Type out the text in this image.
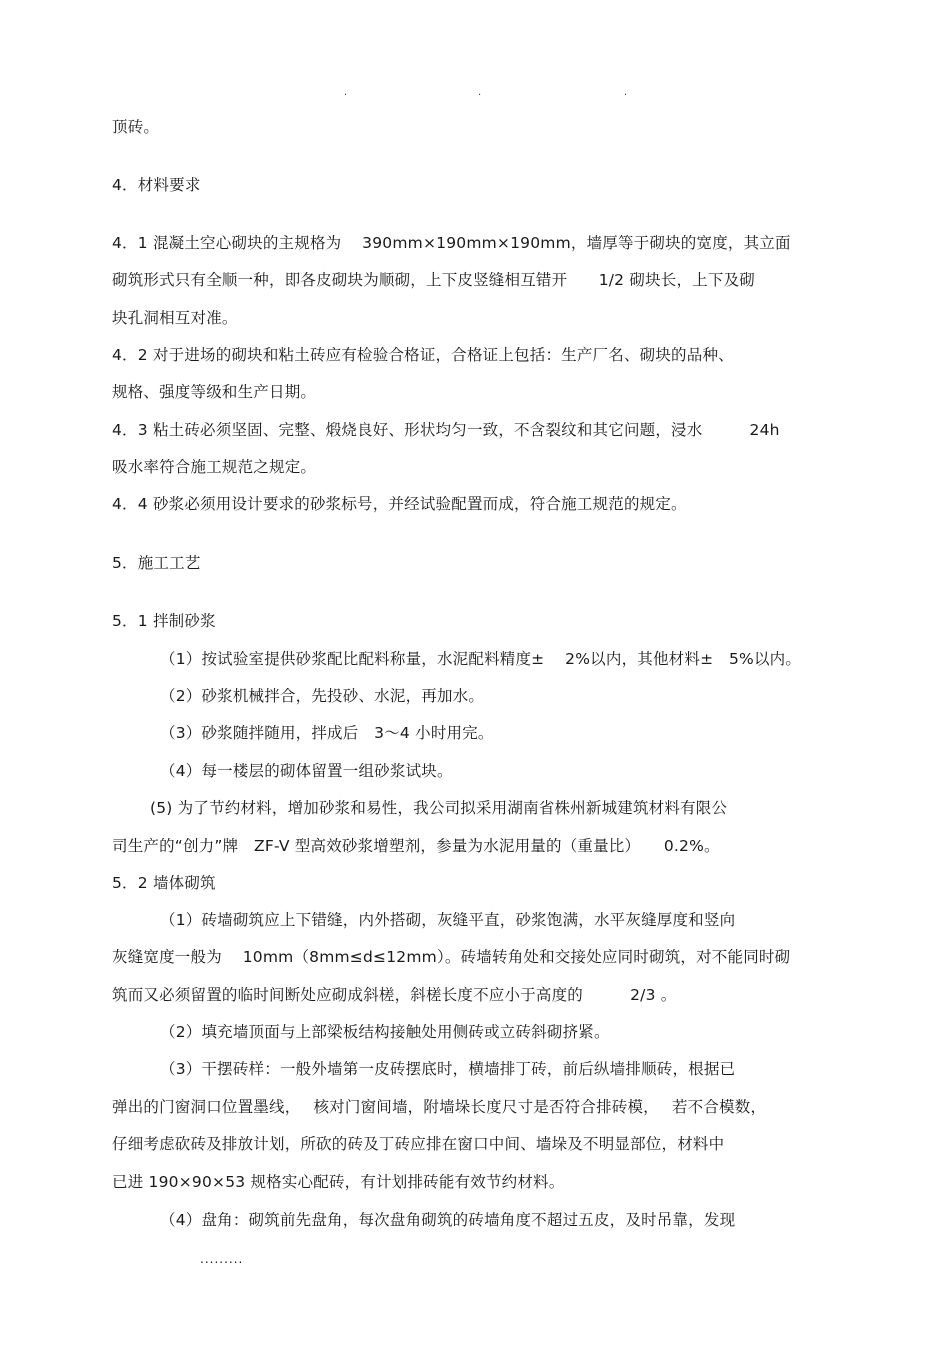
.	.	.
顶砖。
4．材料要求
4．1 混凝土空心砌块的主规格为　 390mm×190mm×190mm，墙厚等于砌块的宽度，其立面
砌筑形式只有全顺一种，即各皮砌块为顺砌，上下皮竖缝相互错开　　1/2 砌块长，上下及砌
块孔洞相互对准。
4．2 对于进场的砌块和粘土砖应有检验合格证，合格证上包括：生产厂名、砌块的品种、
规格、强度等级和生产日期。
4．3 粘土砖必须坚固、完整、煅烧良好、形状均匀一致，不含裂纹和其它问题，浸水　　　24h
吸水率符合施工规范之规定。
4．4 砂浆必须用设计要求的砂浆标号，并经试验配置而成，符合施工规范的规定。
5．施工工艺
5．1 拌制砂浆
（1）按试验室提供砂浆配比配料称量，水泥配料精度±　 2%以内，其他材料±　5%以内。
（2）砂浆机械拌合，先投砂、水泥，再加水。
（3）砂浆随拌随用，拌成后　3～4 小时用完。
（4）每一楼层的砌体留置一组砂浆试块。
(5) 为了节约材料，增加砂浆和易性，我公司拟采用湖南省株州新城建筑材料有限公
司生产的“创力”牌　ZF-V 型高效砂浆增塑剂，参量为水泥用量的（重量比）　　0.2%。
5．2 墙体砌筑
（1）砖墙砌筑应上下错缝，内外搭砌，灰缝平直，砂浆饱满，水平灰缝厚度和竖向
灰缝宽度一般为　 10mm（8mm≤d≤12mm）。砖墙转角处和交接处应同时砌筑，对不能同时砌
筑而又必须留置的临时间断处应砌成斜槎，斜槎长度不应小于高度的　　　2/3 。
（2）填充墙顶面与上部梁板结构接触处用侧砖或立砖斜砌挤紧。
（3）干摆砖样：一般外墙第一皮砖摆底时，横墙排丁砖，前后纵墙排顺砖，根据已
弹出的门窗洞口位置墨线，　 核对门窗间墙，附墙垛长度尺寸是否符合排砖模，　 若不合模数，
仔细考虑砍砖及排放计划，所砍的砖及丁砖应排在窗口中间、墙垛及不明显部位，材料中
已进 190×90×53 规格实心配砖，有计划排砖能有效节约材料。
（4）盘角：砌筑前先盘角，每次盘角砌筑的砖墙角度不超过五皮，及时吊靠，发现
.........
